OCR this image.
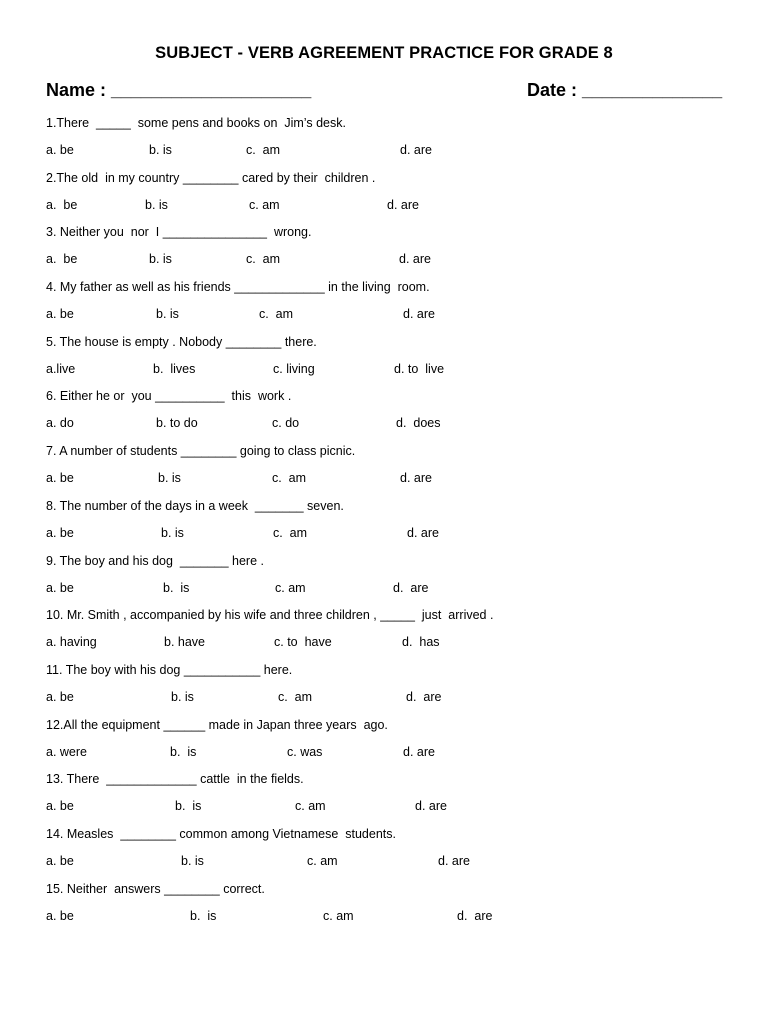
SUBJECT - VERB AGREEMENT PRACTICE FOR GRADE 8
Name : ____________________	Date : ______________
1.There  _____  some pens and books on  Jim’s desk.
a. be	b. is	c.  am	d. are
2.The old  in my country ________ cared by their  children .
a.  be	b. is	c. am	d. are
3. Neither you  nor  I _______________  wrong.
a.  be	b. is	c.  am	d. are
4. My father as well as his friends _____________ in the living  room.
a. be	b. is	c.  am	d. are
5. The house is empty . Nobody ________ there.
a.live	b.  lives	c. living	d. to  live
6. Either he or  you __________  this  work .
a. do	b. to do	c. do	d.  does
7. A number of students ________ going to class picnic.
a. be	b. is	c.  am	d. are
8. The number of the days in a week  _______ seven.
a. be	b. is	c.  am	d. are
9. The boy and his dog  _______ here .
a. be	b.  is	c. am	d.  are
10. Mr. Smith , accompanied by his wife and three children , _____  just  arrived .
a. having	b. have	c. to  have	d.  has
11. The boy with his dog ___________ here.
a. be	b. is	c.  am	d.  are
12.All the equipment ______ made in Japan three years  ago.
a. were	b.  is	c. was	d. are
13. There  _____________ cattle  in the fields.
a. be	b.  is	c. am	d. are
14. Measles  ________ common among Vietnamese  students.
a. be	b. is	c. am	d. are
15. Neither  answers ________ correct.
a. be	b.  is	c. am	d.  are
